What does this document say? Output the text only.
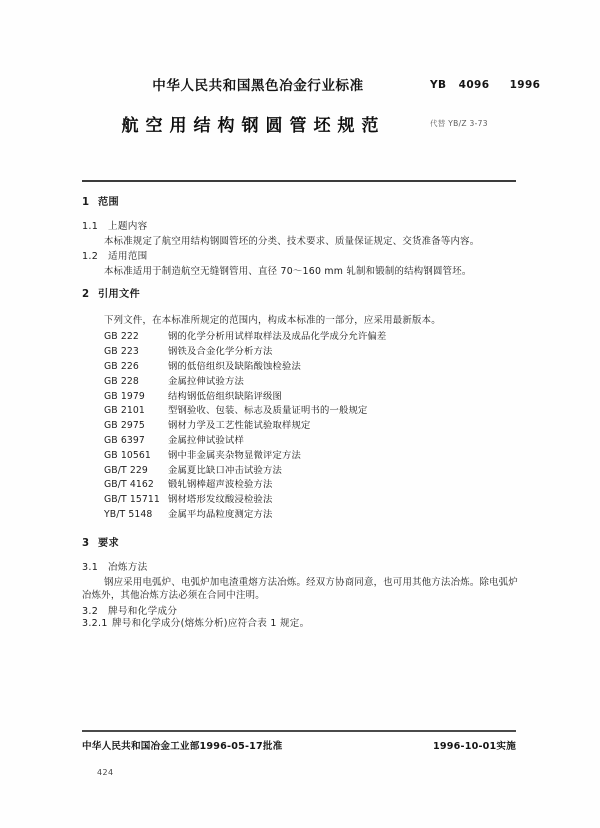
中华人民共和国黑色冶金行业标准
航空用结构钢圆管坯规范
YB 4096 1996
代替 YB/Z 3-73
1 范围
1.1 上题内容

本标准规定了航空用结构钢圆管坯的分类、技术要求、质量保证规定、交货准备等内容。

1.2 适用范围

本标准适用于制造航空无缝钢管用、直径 70～160 mm 轧制和锻制的结构钢圆管坯。

2 引用文件

下列文件，在本标准所规定的范围内，构成本标准的一部分，应采用最新版本。

GB 222	钢的化学分析用试样取样法及成品化学成分允许偏差
GB 223	钢铁及合金化学分析方法
GB 226	钢的低倍组织及缺陷酸蚀检验法
GB 228	金属拉伸试验方法
GB 1979	结构钢低倍组织缺陷评级图
GB 2101	型钢验收、包装、标志及质量证明书的一般规定
GB 2975	钢材力学及工艺性能试验取样规定
GB 6397	金属拉伸试验试样
GB 10561	钢中非金属夹杂物显微评定方法
GB/T 229	金属夏比缺口冲击试验方法
GB/T 4162	锻轧钢棒超声波检验方法
GB/T 15711 钢材塔形发纹酸浸检验法
YB/T 5148	金属平均晶粒度测定方法
3 要求
3.1 冶炼方法

钢应采用电弧炉、电弧炉加电渣重熔方法冶炼。经双方协商同意，也可用其他方法冶炼。除电弧炉冶炼外，其他冶炼方法必须在合同中注明。

3.2 牌号和化学成分
3.2.1 牌号和化学成分(熔炼分析)应符合表 1 规定。
中华人民共和国冶金工业部1996-05-17批准	1996-10-01实施
424
